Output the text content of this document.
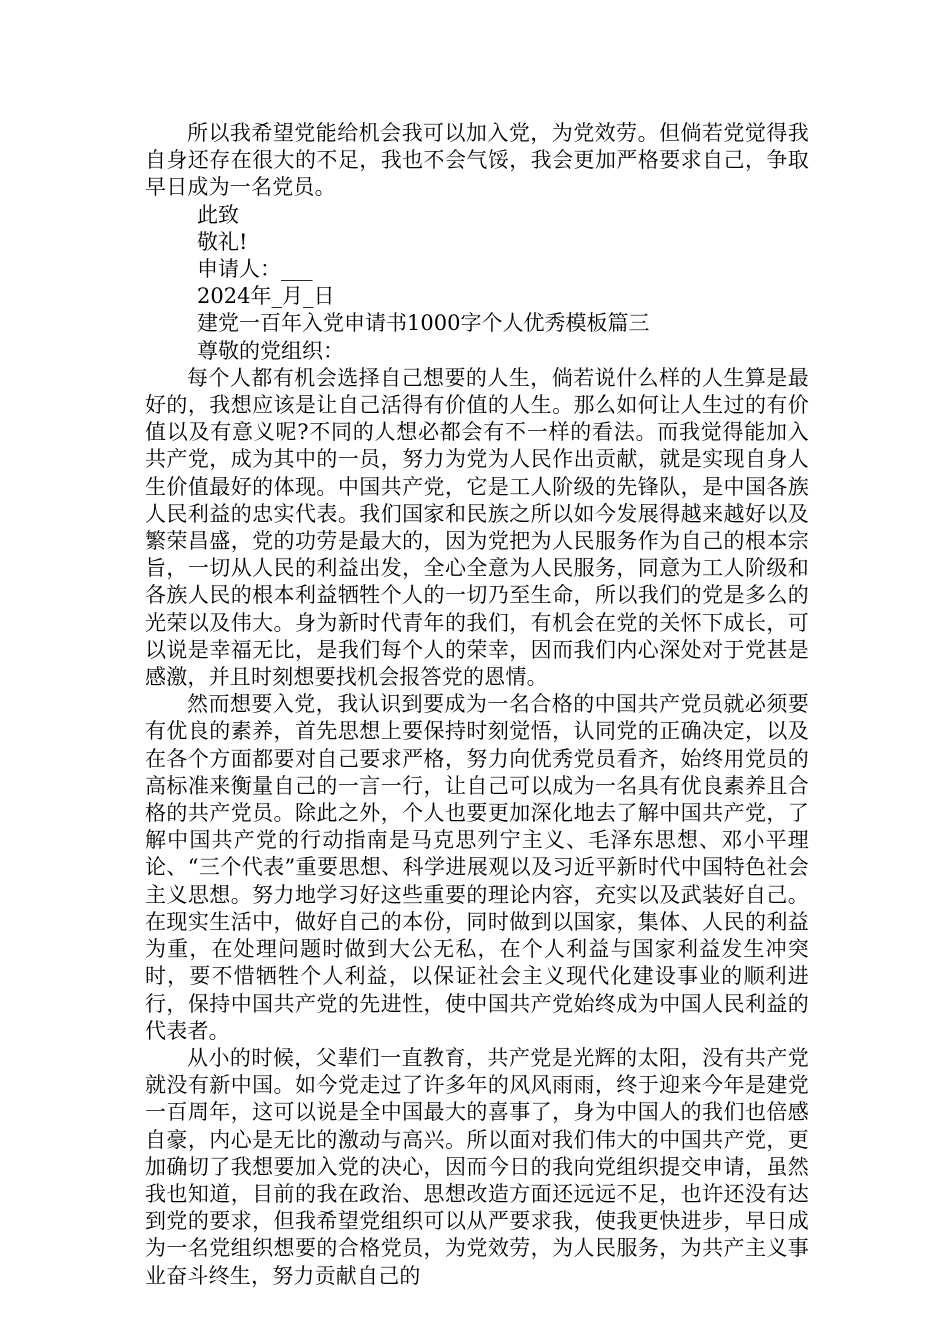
所以我希望党能给机会我可以加入党，为党效劳。但倘若党觉得我自身还存在很大的不足，我也不会气馁，我会更加严格要求自己，争取早日成为一名党员。

此致

敬礼!

申请人：___

2024年_月_日

建党一百年入党申请书1000字个人优秀模板篇三

尊敬的党组织：

每个人都有机会选择自己想要的人生，倘若说什么样的人生算是最好的，我想应该是让自己活得有价值的人生。那么如何让人生过的有价值以及有意义呢?不同的人想必都会有不一样的看法。而我觉得能加入共产党，成为其中的一员，努力为党为人民作出贡献，就是实现自身人生价值最好的体现。中国共产党，它是工人阶级的先锋队，是中国各族人民利益的忠实代表。我们国家和民族之所以如今发展得越来越好以及繁荣昌盛，党的功劳是最大的，因为党把为人民服务作为自己的根本宗旨，一切从人民的利益出发，全心全意为人民服务，同意为工人阶级和各族人民的根本利益牺牲个人的一切乃至生命，所以我们的党是多么的光荣以及伟大。身为新时代青年的我们，有机会在党的关怀下成长，可以说是幸福无比，是我们每个人的荣幸，因而我们内心深处对于党甚是感激，并且时刻想要找机会报答党的恩情。

然而想要入党，我认识到要成为一名合格的中国共产党员就必须要有优良的素养，首先思想上要保持时刻觉悟，认同党的正确决定，以及在各个方面都要对自己要求严格，努力向优秀党员看齐，始终用党员的高标准来衡量自己的一言一行，让自己可以成为一名具有优良素养且合格的共产党员。除此之外，个人也要更加深化地去了解中国共产党，了解中国共产党的行动指南是马克思列宁主义、毛泽东思想、邓小平理论、“三个代表”重要思想、科学进展观以及习近平新时代中国特色社会主义思想。努力地学习好这些重要的理论内容，充实以及武装好自己。在现实生活中，做好自己的本份，同时做到以国家，集体、人民的利益为重，在处理问题时做到大公无私，在个人利益与国家利益发生冲突时，要不惜牺牲个人利益，以保证社会主义现代化建设事业的顺利进行，保持中国共产党的先进性，使中国共产党始终成为中国人民利益的代表者。

从小的时候，父辈们一直教育，共产党是光辉的太阳，没有共产党就没有新中国。如今党走过了许多年的风风雨雨，终于迎来今年是建党一百周年，这可以说是全中国最大的喜事了，身为中国人的我们也倍感自豪，内心是无比的激动与高兴。所以面对我们伟大的中国共产党，更加确切了我想要加入党的决心，因而今日的我向党组织提交申请，虽然我也知道，目前的我在政治、思想改造方面还远远不足，也许还没有达到党的要求，但我希望党组织可以从严要求我，使我更快进步，早日成为一名党组织想要的合格党员，为党效劳，为人民服务，为共产主义事业奋斗终生，努力贡献自己的
